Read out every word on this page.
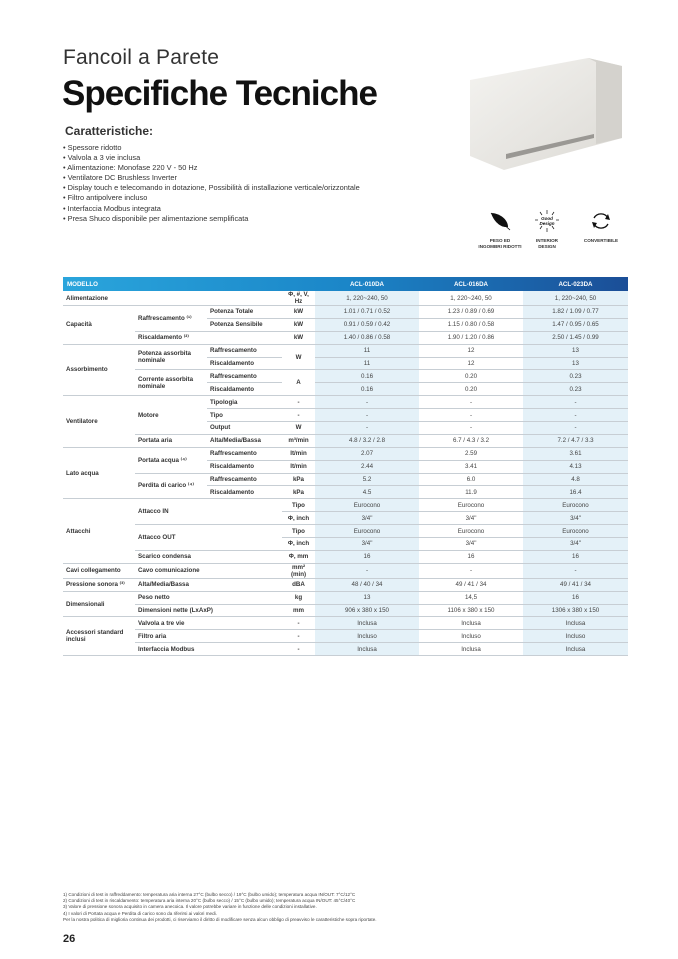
Fancoil a Parete
Specifiche Tecniche
Caratteristiche:
• Spessore ridotto
• Valvola a 3 vie inclusa
• Alimentazione: Monofase 220 V - 50 Hz
• Ventilatore DC Brushless Inverter
• Display touch e telecomando in dotazione, Possibilità di installazione verticale/orizzontale
• Filtro antipolvere incluso
• Interfaccia Modbus integrata
• Presa Shuco disponibile per alimentazione semplificata
PESO ED
INGOMBRI RIDOTTI
Good
Design
INTERIOR
DESIGN
CONVERTIBILE
MODELLO				ACL-010DA	ACL-016DA	ACL-023DA
Alimentazione			Φ, #, V, Hz	1, 220~240, 50	1, 220~240, 50	1, 220~240, 50
Capacità	Raffrescamento ⁽¹⁾	Potenza Totale	kW	1.01 / 0.71 / 0.52	1.23 / 0.89 / 0.69	1.82 / 1.09 / 0.77
		Potenza Sensibile	kW	0.91 / 0.59 / 0.42	1.15 / 0.80 / 0.58	1.47 / 0.95 / 0.65
	Riscaldamento ⁽²⁾		kW	1.40 / 0.86 / 0.58	1.90 / 1.20 / 0.86	2.50 / 1.45 / 0.99
Assorbimento	Potenza assorbita nominale	Raffrescamento	W	11	12	13
		Riscaldamento		11	12	13
	Corrente assorbita nominale	Raffrescamento	A	0.16	0.20	0.23
		Riscaldamento		0.16	0.20	0.23
Ventilatore	Motore	Tipologia	-	-	-	-
		Tipo	-	-	-	-
		Output	W	-	-	-
	Portata aria	Alta/Media/Bassa	m³/min	4.8 / 3.2 / 2.8	6.7 / 4.3 / 3.2	7.2 / 4.7 / 3.3
Lato acqua	Portata acqua ⁽⁴⁾	Raffrescamento	lt/min	2.07	2.59	3.61
		Riscaldamento	lt/min	2.44	3.41	4.13
	Perdita di carico ⁽⁴⁾	Raffrescamento	kPa	5.2	6.0	4.8
		Riscaldamento	kPa	4.5	11.9	16.4
Attacchi	Attacco IN		Tipo	Eurocono	Eurocono	Eurocono
			Φ, inch	3/4"	3/4"	3/4"
	Attacco OUT		Tipo	Eurocono	Eurocono	Eurocono
			Φ, inch	3/4"	3/4"	3/4"
	Scarico condensa		Φ, mm	16	16	16
Cavi collegamento	Cavo comunicazione		mm² (min)	-	-	-
Pressione sonora ⁽³⁾	Alta/Media/Bassa		dBA	48 / 40 / 34	49 / 41 / 34	49 / 41 / 34
Dimensionali	Peso netto		kg	13	14,5	16
	Dimensioni nette (LxAxP)		mm	906 x 380 x 150	1106 x 380 x 150	1306 x 380 x 150
Accessori standard inclusi	Valvola a tre vie		-	Inclusa	Inclusa	Inclusa
	Filtro aria		-	Incluso	Incluso	Incluso
	Interfaccia Modbus		-	Inclusa	Inclusa	Inclusa
1) Condizioni di test in raffreddamento: temperatura aria interna 27°C (bulbo secco) / 19°C (bulbo umido); temperatura acqua IN/OUT: 7°C/12°C
2) Condizioni di test in riscaldamento: temperatura aria interna 20°C (bulbo secco) / 15°C (bulbo umido); temperatura acqua IN/OUT: 45°C/40°C
3) Valore di pressione sonora acquisito in camera anecoica. Il valore potrebbe variare in funzione delle condizioni installative.
4) I valori di Portata acqua e Perdita di carico sono da riferirsi ai valori medi.
Per la nostra politica di miglioria continua dei prodotti, ci riserviamo il diritto di modificare senza alcun obbligo di preavviso le caratteristiche sopra riportate.
26
